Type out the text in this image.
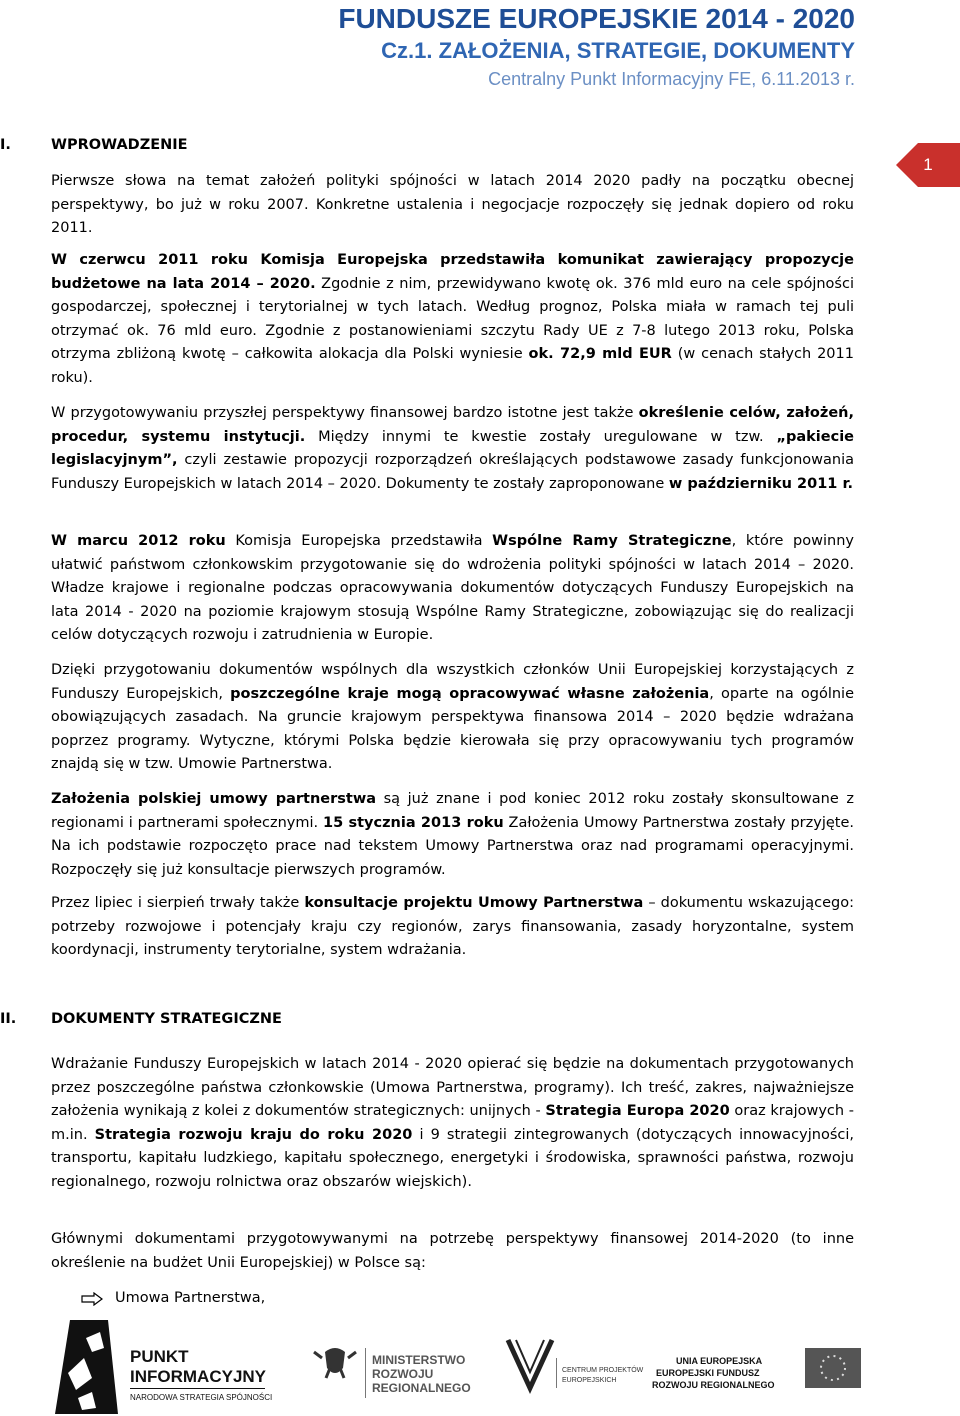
FUNDUSZE EUROPEJSKIE 2014 - 2020
Cz.1. ZAŁOŻENIA, STRATEGIE, DOKUMENTY
Centralny Punkt Informacyjny FE, 6.11.2013 r.
1
I.	WPROWADZENIE

Pierwsze słowa na temat założeń polityki spójności w latach 2014 2020 padły na początku obecnej perspektywy, bo już w roku 2007. Konkretne ustalenia i negocjacje rozpoczęły się jednak dopiero od roku 2011.

W czerwcu 2011 roku Komisja Europejska przedstawiła komunikat zawierający propozycje budżetowe na lata 2014 – 2020. Zgodnie z nim, przewidywano kwotę ok. 376 mld euro na cele spójności gospodarczej, społecznej i terytorialnej w tych latach. Według prognoz, Polska miała w ramach tej puli otrzymać ok. 76 mld euro. Zgodnie z postanowieniami szczytu Rady UE z 7-8 lutego 2013 roku, Polska otrzyma zbliżoną kwotę – całkowita alokacja dla Polski wyniesie ok. 72,9 mld EUR (w cenach stałych 2011 roku).

W przygotowywaniu przyszłej perspektywy finansowej bardzo istotne jest także określenie celów, założeń, procedur, systemu instytucji. Między innymi te kwestie zostały uregulowane w tzw. „pakiecie legislacyjnym”, czyli zestawie propozycji rozporządzeń określających podstawowe zasady funkcjonowania Funduszy Europejskich w latach 2014 – 2020. Dokumenty te zostały zaproponowane w październiku 2011 r.

W marcu 2012 roku Komisja Europejska przedstawiła Wspólne Ramy Strategiczne, które powinny ułatwić państwom członkowskim przygotowanie się do wdrożenia polityki spójności w latach 2014 – 2020. Władze krajowe i regionalne podczas opracowywania dokumentów dotyczących Funduszy Europejskich na lata 2014 - 2020 na poziomie krajowym stosują Wspólne Ramy Strategiczne, zobowiązując się do realizacji celów dotyczących rozwoju i zatrudnienia w Europie.

Dzięki przygotowaniu dokumentów wspólnych dla wszystkich członków Unii Europejskiej korzystających z Funduszy Europejskich, poszczególne kraje mogą opracowywać własne założenia, oparte na ogólnie obowiązujących zasadach. Na gruncie krajowym perspektywa finansowa 2014 – 2020 będzie wdrażana poprzez programy. Wytyczne, którymi Polska będzie kierowała się przy opracowywaniu tych programów znajdą się w tzw. Umowie Partnerstwa.

Założenia polskiej umowy partnerstwa są już znane i pod koniec 2012 roku zostały skonsultowane z regionami i partnerami społecznymi. 15 stycznia 2013 roku Założenia Umowy Partnerstwa zostały przyjęte. Na ich podstawie rozpoczęto prace nad tekstem Umowy Partnerstwa oraz nad programami operacyjnymi. Rozpoczęły się już konsultacje pierwszych programów.

Przez lipiec i sierpień trwały także konsultacje projektu Umowy Partnerstwa – dokumentu wskazującego: potrzeby rozwojowe i potencjały kraju czy regionów, zarys finansowania, zasady horyzontalne, system koordynacji, instrumenty terytorialne, system wdrażania.

II. DOKUMENTY STRATEGICZNE

Wdrażanie Funduszy Europejskich w latach 2014 - 2020 opierać się będzie na dokumentach przygotowanych przez poszczególne państwa członkowskie (Umowa Partnerstwa, programy). Ich treść, zakres, najważniejsze założenia wynikają z kolei z dokumentów strategicznych: unijnych - Strategia Europa 2020 oraz krajowych - m.in. Strategia rozwoju kraju do roku 2020 i 9 strategii zintegrowanych (dotyczących innowacyjności, transportu, kapitału ludzkiego, kapitału społecznego, energetyki i środowiska, sprawności państwa, rozwoju regionalnego, rozwoju rolnictwa oraz obszarów wiejskich).

Głównymi dokumentami przygotowywanymi na potrzebę perspektywy finansowej 2014-2020 (to inne określenie na budżet Unii Europejskiej) w Polsce są:

Umowa Partnerstwa,
PUNKT
INFORMACYJNY
NARODOWA STRATEGIA SPÓJNOŚCI
MINISTERSTWO
ROZWOJU
REGIONALNEGO
CENTRUM PROJEKTÓW
EUROPEJSKICH
UNIA EUROPEJSKA
EUROPEJSKI FUNDUSZ
ROZWOJU REGIONALNEGO
